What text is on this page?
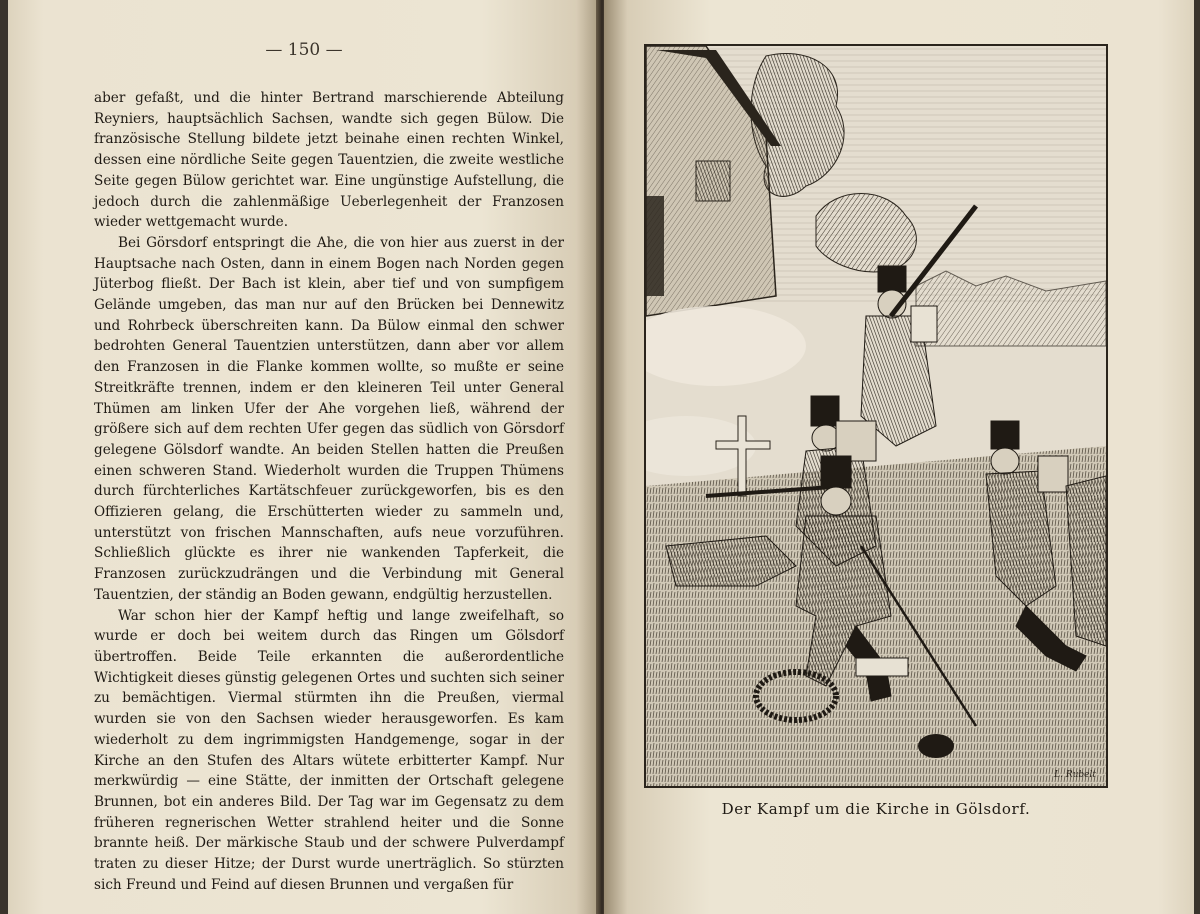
— 150 —

aber gefaßt, und die hinter Bertrand marschierende Abteilung Reyniers, hauptsächlich Sachsen, wandte sich gegen Bülow. Die französische Stellung bildete jetzt beinahe einen rechten Winkel, dessen eine nördliche Seite gegen Tauentzien, die zweite westliche Seite gegen Bülow gerichtet war. Eine ungünstige Aufstellung, die jedoch durch die zahlenmäßige Ueberlegenheit der Franzosen wieder wettgemacht wurde.

Bei Görsdorf entspringt die Ahe, die von hier aus zuerst in der Hauptsache nach Osten, dann in einem Bogen nach Norden gegen Jüterbog fließt. Der Bach ist klein, aber tief und von sumpfigem Gelände umgeben, das man nur auf den Brücken bei Dennewitz und Rohrbeck überschreiten kann. Da Bülow einmal den schwer bedrohten General Tauentzien unterstützen, dann aber vor allem den Franzosen in die Flanke kommen wollte, so mußte er seine Streitkräfte trennen, indem er den kleineren Teil unter General Thümen am linken Ufer der Ahe vorgehen ließ, während der größere sich auf dem rechten Ufer gegen das südlich von Görsdorf gelegene Gölsdorf wandte. An beiden Stellen hatten die Preußen einen schweren Stand. Wiederholt wurden die Truppen Thümens durch fürchterliches Kartätschfeuer zurückgeworfen, bis es den Offizieren gelang, die Erschütterten wieder zu sammeln und, unterstützt von frischen Mannschaften, aufs neue vorzuführen. Schließlich glückte es ihrer nie wankenden Tapferkeit, die Franzosen zurückzudrängen und die Verbindung mit General Tauentzien, der ständig an Boden gewann, endgültig herzustellen.

War schon hier der Kampf heftig und lange zweifelhaft, so wurde er doch bei weitem durch das Ringen um Gölsdorf übertroffen. Beide Teile erkannten die außerordentliche Wichtigkeit dieses günstig gelegenen Ortes und suchten sich seiner zu bemächtigen. Viermal stürmten ihn die Preußen, viermal wurden sie von den Sachsen wieder herausgeworfen. Es kam wiederholt zu dem ingrimmigsten Handgemenge, sogar in der Kirche an den Stufen des Altars wütete erbitterter Kampf. Nur merkwürdig — eine Stätte, der inmitten der Ortschaft gelegene Brunnen, bot ein anderes Bild. Der Tag war im Gegensatz zu dem früheren regnerischen Wetter strahlend heiter und die Sonne brannte heiß. Der märkische Staub und der schwere Pulverdampf traten zu dieser Hitze; der Durst wurde unerträglich. So stürzten sich Freund und Feind auf diesen Brunnen und vergaßen für

L. Rubelt
Der Kampf um die Kirche in Gölsdorf.
